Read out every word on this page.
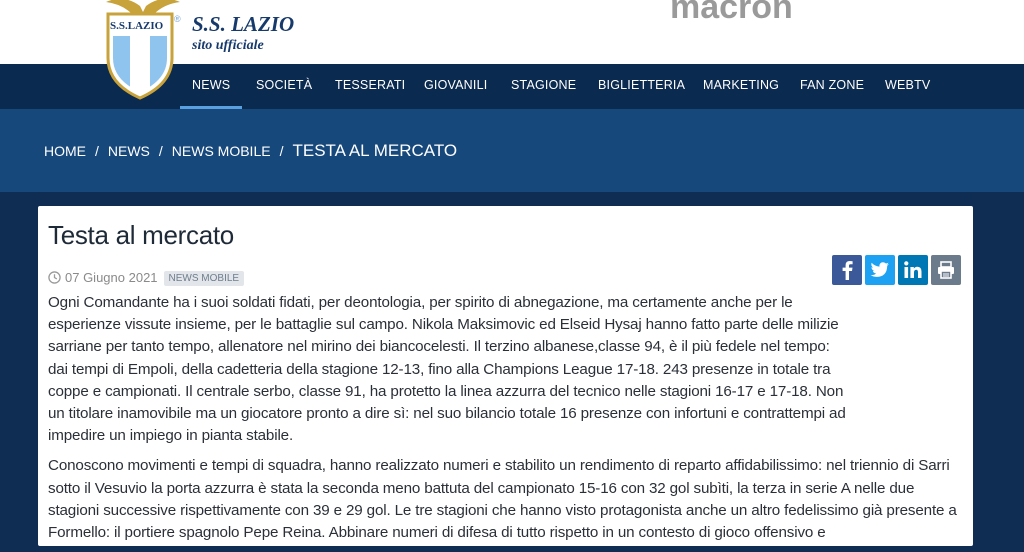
S.S.LAZIO S.S. LAZIO
®
sito ufficiale
macron
NEWS	SOCIETÀ TESSERATI GIOVANILI STAGIONE BIGLIETTERIA MARKETING FAN ZONE WEBTV
HOME / NEWS / NEWS MOBILE / TESTA AL MERCATO
Testa al mercato
07 Giugno 2021 NEWS MOBILE

Ogni Comandante ha i suoi soldati fidati, per deontologia, per spirito di abnegazione, ma certamente anche per le esperienze vissute insieme, per le battaglie sul campo. Nikola Maksimovic ed Elseid Hysaj hanno fatto parte delle milizie sarriane per tanto tempo, allenatore nel mirino dei biancocelesti. Il terzino albanese,classe 94, è il più fedele nel tempo: dai tempi di Empoli, della cadetteria della stagione 12-13, fino alla Champions League 17-18. 243 presenze in totale tra coppe e campionati. Il centrale serbo, classe 91, ha protetto la linea azzurra del tecnico nelle stagioni 16-17 e 17-18. Non un titolare inamovibile ma un giocatore pronto a dire sì: nel suo bilancio totale 16 presenze con infortuni e contrattempi ad impedire un impiego in pianta stabile.

Conoscono movimenti e tempi di squadra, hanno realizzato numeri e stabilito un rendimento di reparto affidabilissimo: nel triennio di Sarri sotto il Vesuvio la porta azzurra è stata la seconda meno battuta del campionato 15-16 con 32 gol subìti, la terza in serie A nelle due stagioni successive rispettivamente con 39 e 29 gol. Le tre stagioni che hanno visto protagonista anche un altro fedelissimo già presente a Formello: il portiere spagnolo Pepe Reina. Abbinare numeri di difesa di tutto rispetto in un contesto di gioco offensivo e
